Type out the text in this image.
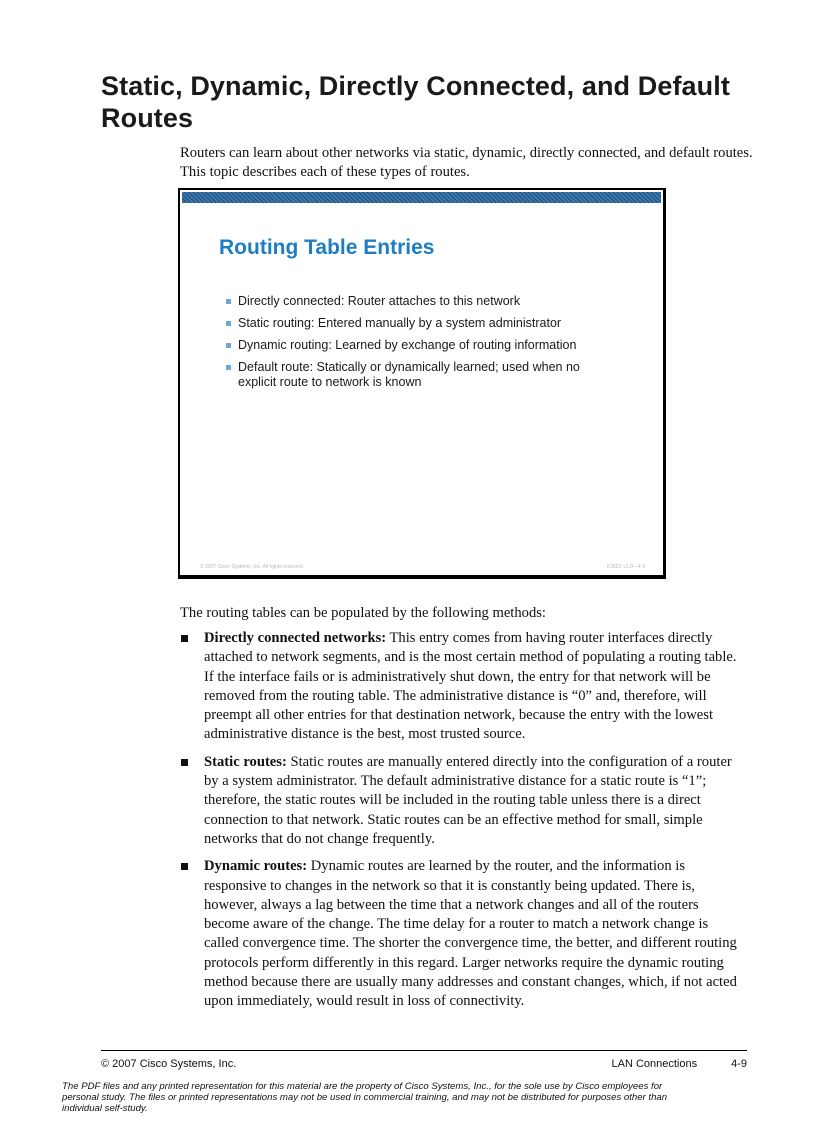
Static, Dynamic, Directly Connected, and Default Routes

Routers can learn about other networks via static, dynamic, directly connected, and default routes. This topic describes each of these types of routes.

Routing Table Entries
Directly connected: Router attaches to this network
Static routing: Entered manually by a system administrator
Dynamic routing: Learned by exchange of routing information
Default route: Statically or dynamically learned; used when no explicit route to network is known
© 2007 Cisco Systems, Inc. All rights reserved.	ICND1 v1.0—4-9

The routing tables can be populated by the following methods:

Directly connected networks: This entry comes from having router interfaces directly attached to network segments, and is the most certain method of populating a routing table. If the interface fails or is administratively shut down, the entry for that network will be removed from the routing table. The administrative distance is “0” and, therefore, will preempt all other entries for that destination network, because the entry with the lowest administrative distance is the best, most trusted source.
Static routes: Static routes are manually entered directly into the configuration of a router by a system administrator. The default administrative distance for a static route is “1”; therefore, the static routes will be included in the routing table unless there is a direct connection to that network. Static routes can be an effective method for small, simple networks that do not change frequently.
Dynamic routes: Dynamic routes are learned by the router, and the information is responsive to changes in the network so that it is constantly being updated. There is, however, always a lag between the time that a network changes and all of the routers become aware of the change. The time delay for a router to match a network change is called convergence time. The shorter the convergence time, the better, and different routing protocols perform differently in this regard. Larger networks require the dynamic routing method because there are usually many addresses and constant changes, which, if not acted upon immediately, would result in loss of connectivity.
© 2007 Cisco Systems, Inc.	LAN Connections	4-9

The PDF files and any printed representation for this material are the property of Cisco Systems, Inc., for the sole use by Cisco employees for personal study. The files or printed representations may not be used in commercial training, and may not be distributed for purposes other than individual self-study.
